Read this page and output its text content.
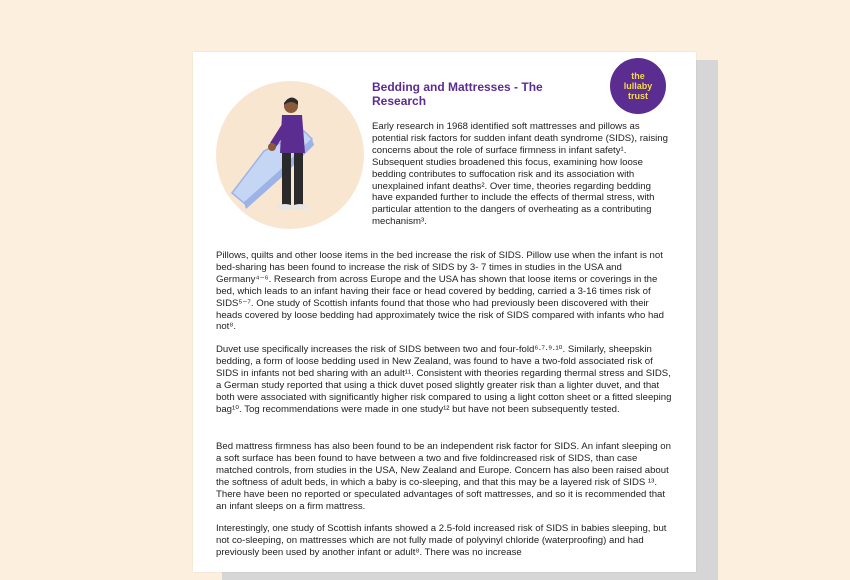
the lullaby trust
Bedding and Mattresses - The Research

Early research in 1968 identified soft mattresses and pillows as potential risk factors for sudden infant death syndrome (SIDS), raising concerns about the role of surface firmness in infant safety¹. Subsequent studies broadened this focus, examining how loose bedding contributes to suffocation risk and its association with unexplained infant deaths². Over time, theories regarding bedding have expanded further to include the effects of thermal stress, with particular attention to the dangers of overheating as a contributing mechanism³.

Pillows, quilts and other loose items in the bed increase the risk of SIDS. Pillow use when the infant is not bed-sharing has been found to increase the risk of SIDS by 3- 7 times in studies in the USA and Germany⁴⁻⁶. Research from across Europe and the USA has shown that loose items or coverings in the bed, which leads to an infant having their face or head covered by bedding, carried a 3-16 times risk of SIDS⁵⁻⁷. One study of Scottish infants found that those who had previously been discovered with their heads covered by loose bedding had approximately twice the risk of SIDS compared with infants who had not⁸.

Duvet use specifically increases the risk of SIDS between two and four-fold⁶·⁷·⁹·¹⁰. Similarly, sheepskin bedding, a form of loose bedding used in New Zealand, was found to have a two-fold associated risk of SIDS in infants not bed sharing with an adult¹¹. Consistent with theories regarding thermal stress and SIDS, a German study reported that using a thick duvet posed slightly greater risk than a lighter duvet, and that both were associated with significantly higher risk compared to using a light cotton sheet or a fitted sleeping bag¹⁰. Tog recommendations were made in one study¹² but have not been subsequently tested.

Bed mattress firmness has also been found to be an independent risk factor for SIDS. An infant sleeping on a soft surface has been found to have between a two and five foldincreased risk of SIDS, than case matched controls, from studies in the USA, New Zealand and Europe. Concern has also been raised about the softness of adult beds, in which a baby is co-sleeping, and that this may be a layered risk of SIDS ¹³. There have been no reported or speculated advantages of soft mattresses, and so it is recommended that an infant sleeps on a firm mattress.

Interestingly, one study of Scottish infants showed a 2.5-fold increased risk of SIDS in babies sleeping, but not co-sleeping, on mattresses which are not fully made of polyvinyl chloride (waterproofing) and had previously been used by another infant or adult⁸. There was no increase
